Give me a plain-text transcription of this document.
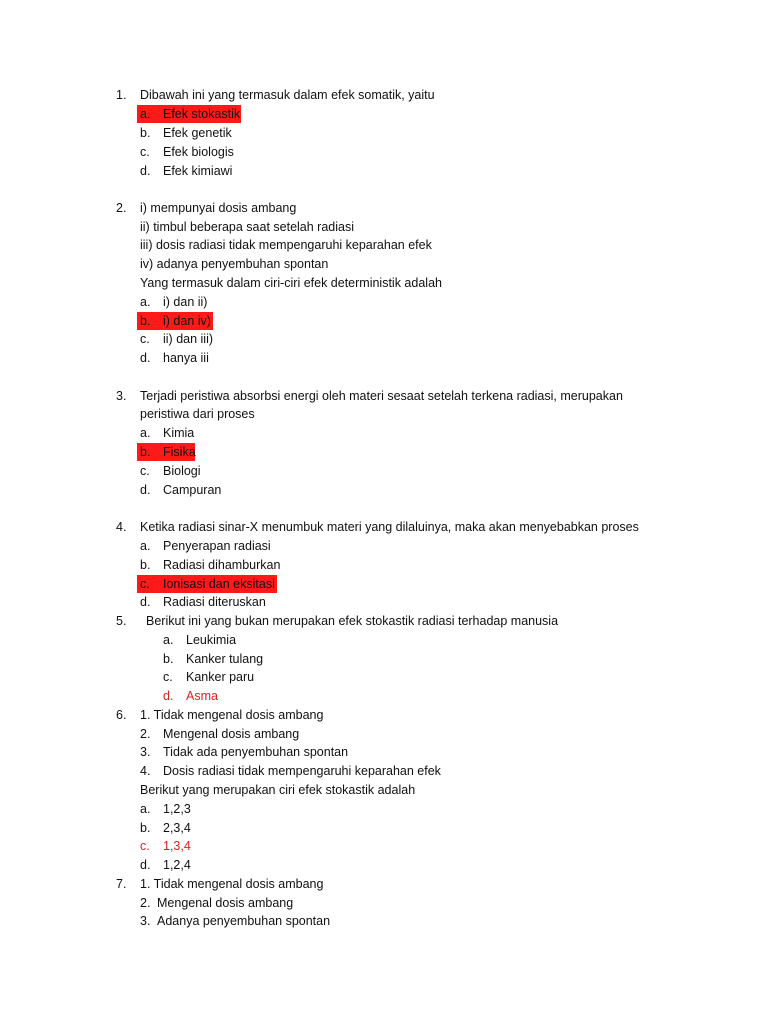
1. Dibawah ini yang termasuk dalam efek somatik, yaitu
a. Efek stokastik
b. Efek genetik
c. Efek biologis
d. Efek kimiawi
2. i) mempunyai dosis ambang
ii) timbul beberapa saat setelah radiasi
iii) dosis radiasi tidak mempengaruhi keparahan efek
iv) adanya penyembuhan spontan
Yang termasuk dalam ciri-ciri efek deterministik adalah
a. i) dan ii)
b. i) dan iv)
c. ii) dan iii)
d. hanya iii
3. Terjadi peristiwa absorbsi energi oleh materi sesaat setelah terkena radiasi, merupakan
peristiwa dari proses
a. Kimia
b. Fisika
c. Biologi
d. Campuran
4. Ketika radiasi sinar-X menumbuk materi yang dilaluinya, maka akan menyebabkan proses
a. Penyerapan radiasi
b. Radiasi dihamburkan
c. Ionisasi dan eksitasi
d. Radiasi diteruskan
5. Berikut ini yang bukan merupakan efek stokastik radiasi terhadap manusia
a. Leukimia
b. Kanker tulang
c. Kanker paru
d. Asma
6. 1. Tidak mengenal dosis ambang
2. Mengenal dosis ambang
3. Tidak ada penyembuhan spontan
4. Dosis radiasi tidak mempengaruhi keparahan efek
Berikut yang merupakan ciri efek stokastik adalah
a. 1,2,3
b. 2,3,4
c. 1,3,4
d. 1,2,4
7. 1. Tidak mengenal dosis ambang
2. Mengenal dosis ambang
3. Adanya penyembuhan spontan
